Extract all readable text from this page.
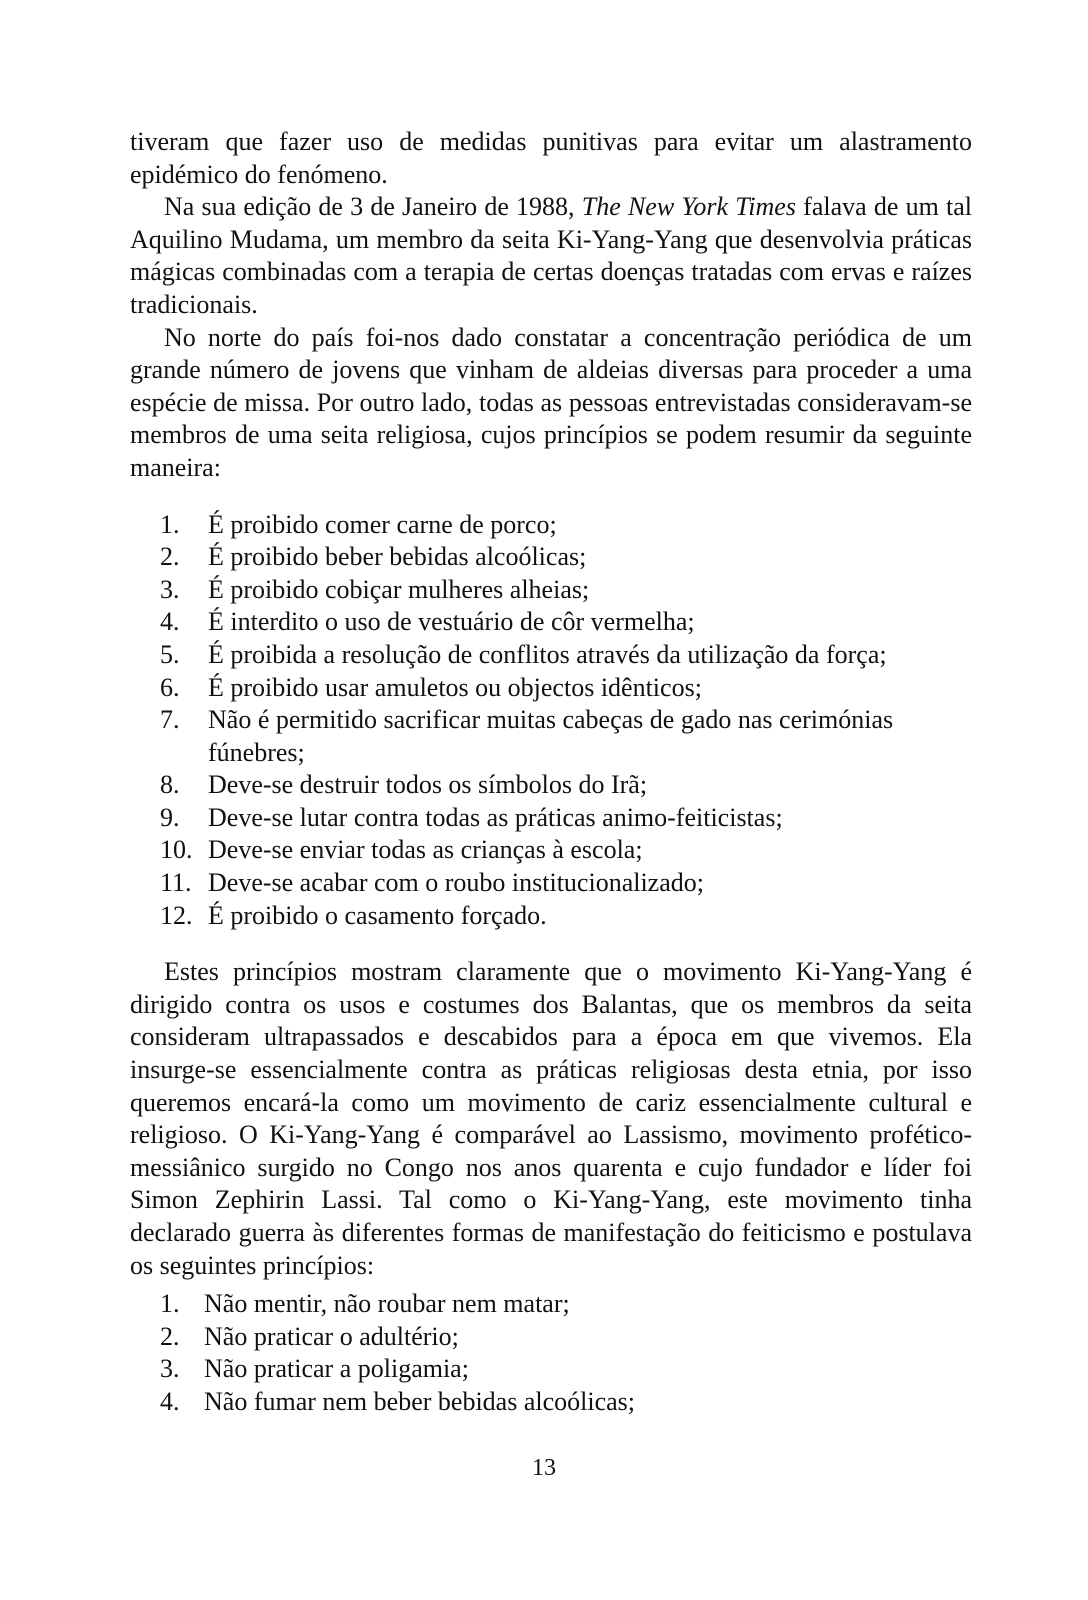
tiveram que fazer uso de medidas punitivas para evitar um alastramento epidémico do fenómeno.

Na sua edição de 3 de Janeiro de 1988, The New York Times falava de um tal Aquilino Mudama, um membro da seita Ki-Yang-Yang que desenvolvia práticas mágicas combinadas com a terapia de certas doenças tratadas com ervas e raízes tradicionais.

No norte do país foi-nos dado constatar a concentração periódica de um grande número de jovens que vinham de aldeias diversas para proceder a uma espécie de missa. Por outro lado, todas as pessoas entrevistadas consideravam-se membros de uma seita religiosa, cujos princípios se podem resumir da seguinte maneira:

1.	É proibido comer carne de porco;
2.	É proibido beber bebidas alcoólicas;
3.	É proibido cobiçar mulheres alheias;
4.	É interdito o uso de vestuário de côr vermelha;
5.	É proibida a resolução de conflitos através da utilização da força;
6.	É proibido usar amuletos ou objectos idênticos;
7.	Não é permitido sacrificar muitas cabeças de gado nas cerimónias fúnebres;
8.	Deve-se destruir todos os símbolos do Irã;
9.	Deve-se lutar contra todas as práticas animo-feiticistas;
10. Deve-se enviar todas as crianças à escola;
11. Deve-se acabar com o roubo institucionalizado;
12. É proibido o casamento forçado.

Estes princípios mostram claramente que o movimento Ki-Yang-Yang é dirigido contra os usos e costumes dos Balantas, que os membros da seita consideram ultrapassados e descabidos para a época em que vivemos. Ela insurge-se essencialmente contra as práticas religiosas desta etnia, por isso queremos encará-la como um movimento de cariz essencialmente cultural e religioso. O Ki-Yang-Yang é comparável ao Lassismo, movimento profético-messiânico surgido no Congo nos anos quarenta e cujo fundador e líder foi Simon Zephirin Lassi. Tal como o Ki-Yang-Yang, este movimento tinha declarado guerra às diferentes formas de manifestação do feiticismo e postulava os seguintes princípios:

1. Não mentir, não roubar nem matar;
2. Não praticar o adultério;
3. Não praticar a poligamia;
4. Não fumar nem beber bebidas alcoólicas;
13
